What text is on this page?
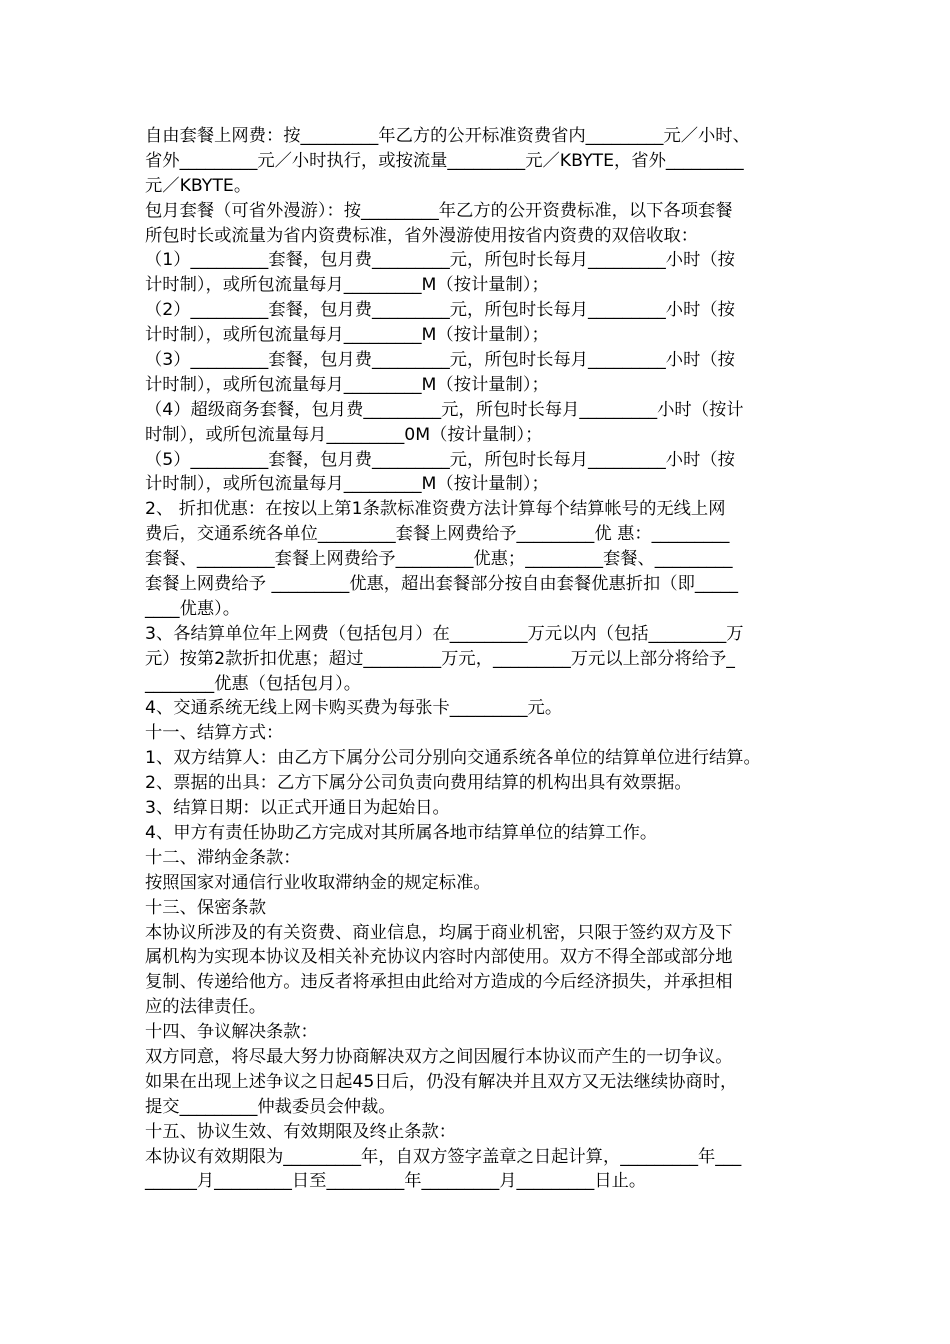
自由套餐上网费：按_________年乙方的公开标准资费省内_________元／小时、
省外_________元／小时执行，或按流量_________元／KBYTE，省外_________
元／KBYTE。
包月套餐（可省外漫游）：按_________年乙方的公开资费标准，以下各项套餐
所包时长或流量为省内资费标准，省外漫游使用按省内资费的双倍收取：
（1）_________套餐，包月费_________元，所包时长每月_________小时（按
计时制），或所包流量每月_________M（按计量制）；
（2）_________套餐，包月费_________元，所包时长每月_________小时（按
计时制），或所包流量每月_________M（按计量制）；
（3）_________套餐，包月费_________元，所包时长每月_________小时（按
计时制），或所包流量每月_________M（按计量制）；
（4）超级商务套餐，包月费_________元，所包时长每月_________小时（按计
时制），或所包流量每月_________0M（按计量制）；
（5）_________套餐，包月费_________元，所包时长每月_________小时（按
计时制），或所包流量每月_________M（按计量制）；
2、 折扣优惠：在按以上第1条款标准资费方法计算每个结算帐号的无线上网
费后，交通系统各单位_________套餐上网费给予_________优 惠：_________
套餐、_________套餐上网费给予_________优惠；_________套餐、_________
套餐上网费给予 _________优惠，超出套餐部分按自由套餐优惠折扣（即_____
____优惠）。
3、各结算单位年上网费（包括包月）在_________万元以内（包括_________万
元）按第2款折扣优惠；超过_________万元，_________万元以上部分将给予_
________优惠（包括包月）。
4、交通系统无线上网卡购买费为每张卡_________元。
十一、结算方式：
1、双方结算人：由乙方下属分公司分别向交通系统各单位的结算单位进行结算。
2、票据的出具：乙方下属分公司负责向费用结算的机构出具有效票据。
3、结算日期：以正式开通日为起始日。
4、甲方有责任协助乙方完成对其所属各地市结算单位的结算工作。
十二、滞纳金条款：
按照国家对通信行业收取滞纳金的规定标准。
十三、保密条款
本协议所涉及的有关资费、商业信息，均属于商业机密，只限于签约双方及下
属机构为实现本协议及相关补充协议内容时内部使用。双方不得全部或部分地
复制、传递给他方。违反者将承担由此给对方造成的今后经济损失，并承担相
应的法律责任。
十四、争议解决条款：
双方同意，将尽最大努力协商解决双方之间因履行本协议而产生的一切争议。
如果在出现上述争议之日起45日后，仍没有解决并且双方又无法继续协商时，
提交_________仲裁委员会仲裁。
十五、协议生效、有效期限及终止条款：
本协议有效期限为_________年，自双方签字盖章之日起计算，_________年___
______月_________日至_________年_________月_________日止。
